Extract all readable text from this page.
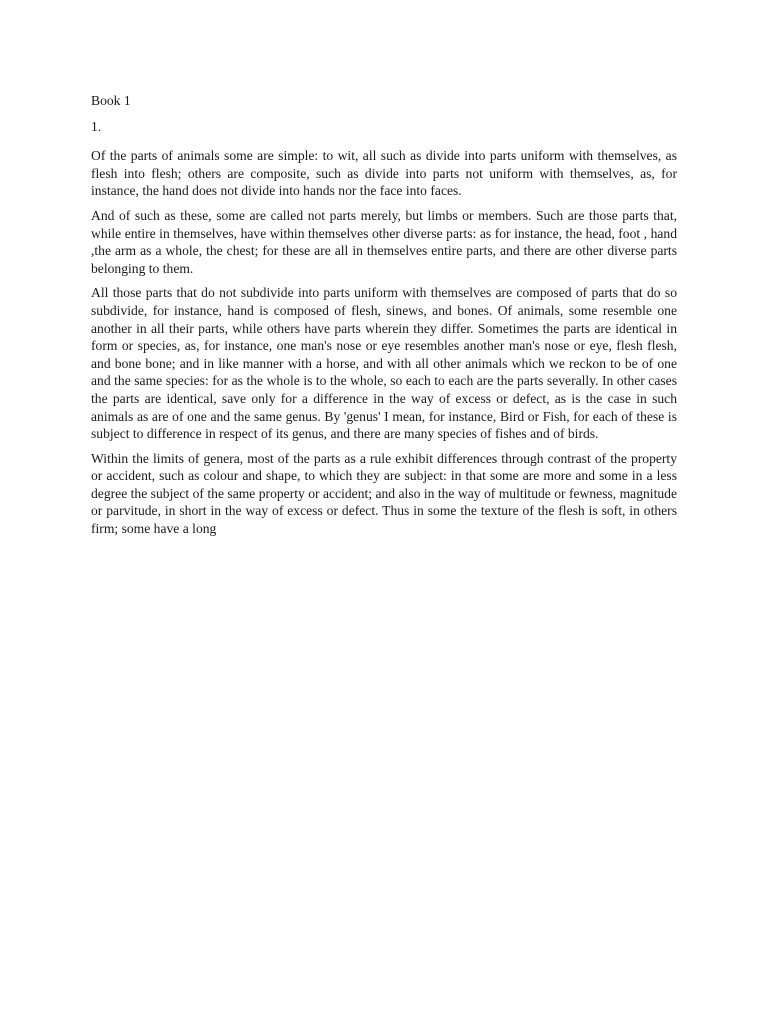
Book 1
1.

Of the parts of animals some are simple: to wit, all such as divide into parts uniform with themselves, as flesh into flesh; others are composite, such as divide into parts not uniform with themselves, as, for instance, the hand does not divide into hands nor the face into faces.

And of such as these, some are called not parts merely, but limbs or members. Such are those parts that, while entire in themselves, have within themselves other diverse parts: as for instance, the head, foot , hand ,the arm as a whole, the chest; for these are all in themselves entire parts, and there are other diverse parts belonging to them.

All those parts that do not subdivide into parts uniform with themselves are composed of parts that do so subdivide, for instance, hand is composed of flesh, sinews, and bones. Of animals, some resemble one another in all their parts, while others have parts wherein they differ. Sometimes the parts are identical in form or species, as, for instance, one man's nose or eye resembles another man's nose or eye, flesh flesh, and bone bone; and in like manner with a horse, and with all other animals which we reckon to be of one and the same species: for as the whole is to the whole, so each to each are the parts severally. In other cases the parts are identical, save only for a difference in the way of excess or defect, as is the case in such animals as are of one and the same genus. By 'genus' I mean, for instance, Bird or Fish, for each of these is subject to difference in respect of its genus, and there are many species of fishes and of birds.

Within the limits of genera, most of the parts as a rule exhibit differences through contrast of the property or accident, such as colour and shape, to which they are subject: in that some are more and some in a less degree the subject of the same property or accident; and also in the way of multitude or fewness, magnitude or parvitude, in short in the way of excess or defect. Thus in some the texture of the flesh is soft, in others firm; some have a long
